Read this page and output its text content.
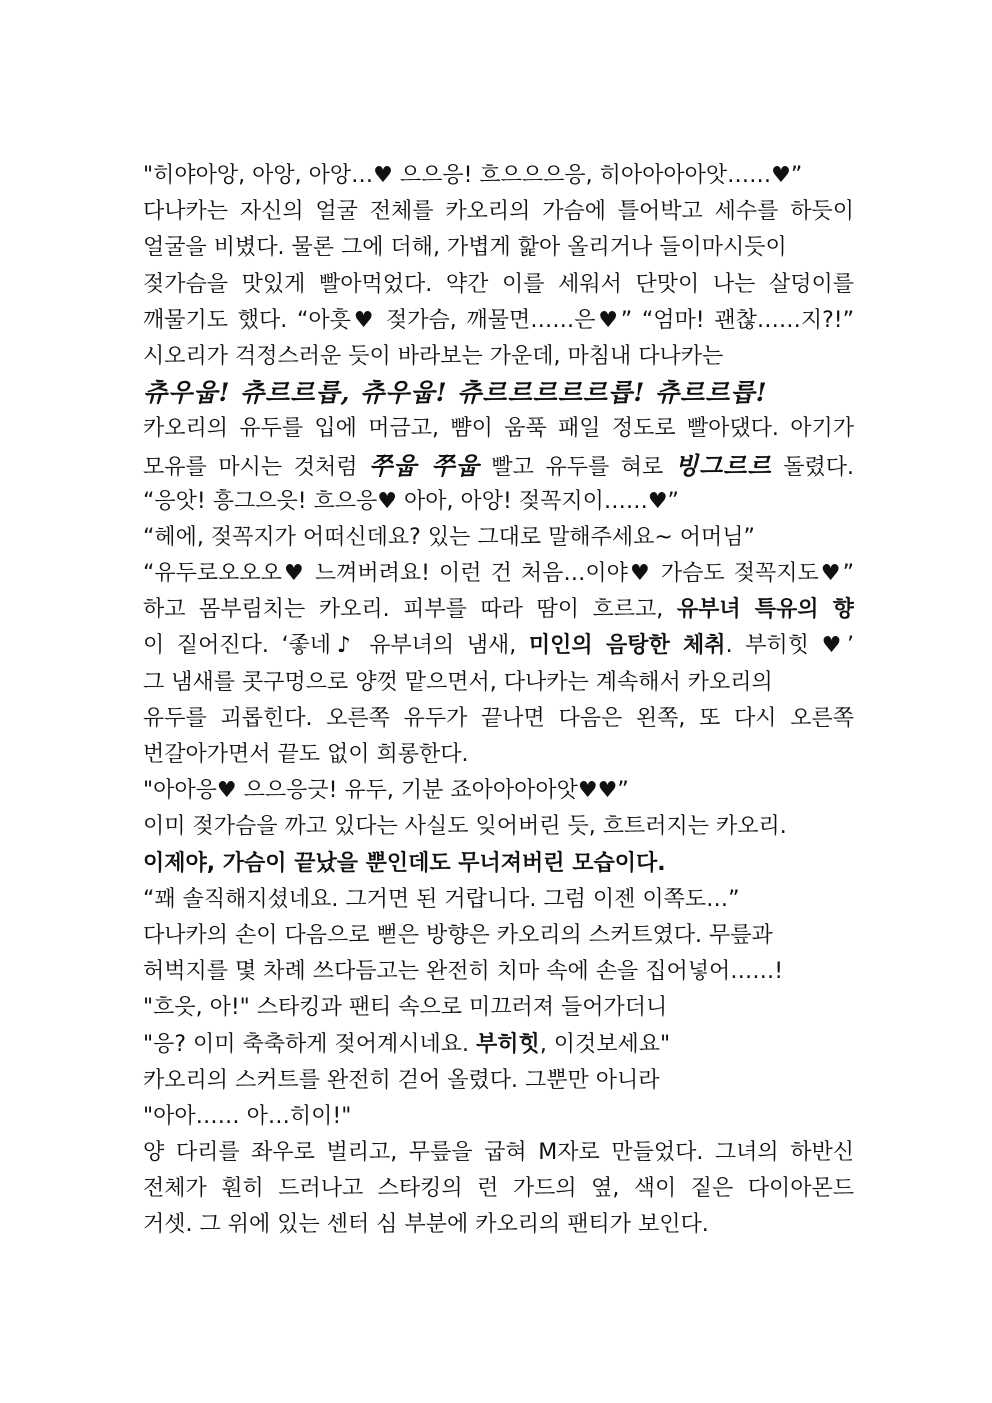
"히야아앙, 아앙, 아앙…♥ 으으응! 흐으으으응, 히아아아아앗……♥”
다나카는 자신의 얼굴 전체를 카오리의 가슴에 틀어박고 세수를 하듯이
얼굴을 비볐다. 물론 그에 더해, 가볍게 핥아 올리거나 들이마시듯이
젖가슴을 맛있게 빨아먹었다. 약간 이를 세워서 단맛이 나는 살덩이를
깨물기도 했다. “아흣♥ 젖가슴, 깨물면……은♥” “엄마! 괜찮……지?!”
시오리가 걱정스러운 듯이 바라보는 가운데, 마침내 다나카는
츄우웁! 츄르르릅, 츄우웁! 츄르르르르르릅! 츄르르릅!
카오리의 유두를 입에 머금고, 뺨이 움푹 패일 정도로 빨아댔다. 아기가
모유를 마시는 것처럼 쭈웁 쭈웁 빨고 유두를 혀로 빙그르르 돌렸다.
“응앗! 흥그으읏! 흐으응♥ 아아, 아앙! 젖꼭지이……♥”
“헤에, 젖꼭지가 어떠신데요? 있는 그대로 말해주세요~ 어머님”
“유두로오오오♥ 느껴버려요! 이런 건 처음…이야♥ 가슴도 젖꼭지도♥”
하고 몸부림치는 카오리. 피부를 따라 땀이 흐르고, 유부녀 특유의 향
이 짙어진다. ‘좋네♪ 유부녀의 냄새, 미인의 음탕한 체취. 부히힛 ♥’
그 냄새를 콧구멍으로 양껏 맡으면서, 다나카는 계속해서 카오리의
유두를 괴롭힌다. 오른쪽 유두가 끝나면 다음은 왼쪽, 또 다시 오른쪽
번갈아가면서 끝도 없이 희롱한다.
"아아응♥ 으으응긋! 유두, 기분 죠아아아아앗♥♥”
이미 젖가슴을 까고 있다는 사실도 잊어버린 듯, 흐트러지는 카오리.
이제야, 가슴이 끝났을 뿐인데도 무너져버린 모습이다.
“꽤 솔직해지셨네요. 그거면 된 거랍니다. 그럼 이젠 이쪽도…”
다나카의 손이 다음으로 뻗은 방향은 카오리의 스커트였다. 무릎과
허벅지를 몇 차례 쓰다듬고는 완전히 치마 속에 손을 집어넣어……!
"흐읏, 아!" 스타킹과 팬티 속으로 미끄러져 들어가더니
"응? 이미 축축하게 젖어계시네요. 부히힛, 이것보세요"
카오리의 스커트를 완전히 걷어 올렸다. 그뿐만 아니라
"아아…… 아…히이!"
양 다리를 좌우로 벌리고, 무릎을 굽혀 M자로 만들었다. 그녀의 하반신
전체가 훤히 드러나고 스타킹의 런 가드의 옆, 색이 짙은 다이아몬드
거셋. 그 위에 있는 센터 심 부분에 카오리의 팬티가 보인다.
